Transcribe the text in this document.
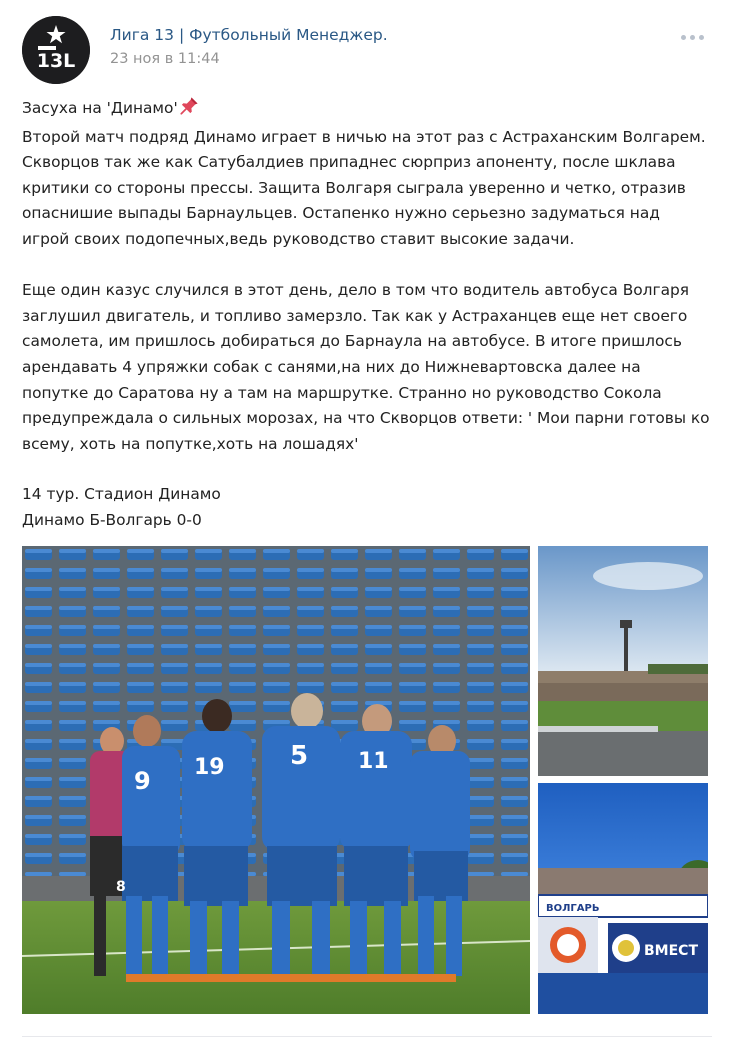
13L
Лига 13 | Футбольный Менеджер.
23 ноя в 11:44

Засуха на 'Динамо'

Второй матч подряд Динамо играет в ничью на этот раз с Астраханским Волгарем.

Скворцов так же как Сатубалдиев припаднес сюрприз апоненту, после шклава

критики со стороны прессы. Защита Волгаря сыграла уверенно и четко, отразив

опаснишие выпады Барнаульцев. Остапенко нужно серьезно задуматься над

игрой своих подопечных,ведь руководство ставит высокие задачи.

Еще один казус случился в этот день, дело в том что водитель автобуса Волгаря

заглушил двигатель, и топливо замерзло. Так как у Астраханцев еще нет своего

самолета, им пришлось добираться до Барнаула на автобусе. В итоге пришлось

арендавать 4 упряжки собак с санями,на них до Нижневартовска далее на

попутке до Саратова ну а там на маршрутке. Странно но руководство Сокола

предупреждала о сильных морозах, на что Скворцов ответи: ' Мои парни готовы ко

всему, хоть на попутке,хоть на лошадях'

14 тур. Стадион Динамо
Динамо Б-Волгарь 0-0
9 19	5 11
8
ВОЛГАРЬ
ВМЕСТ
